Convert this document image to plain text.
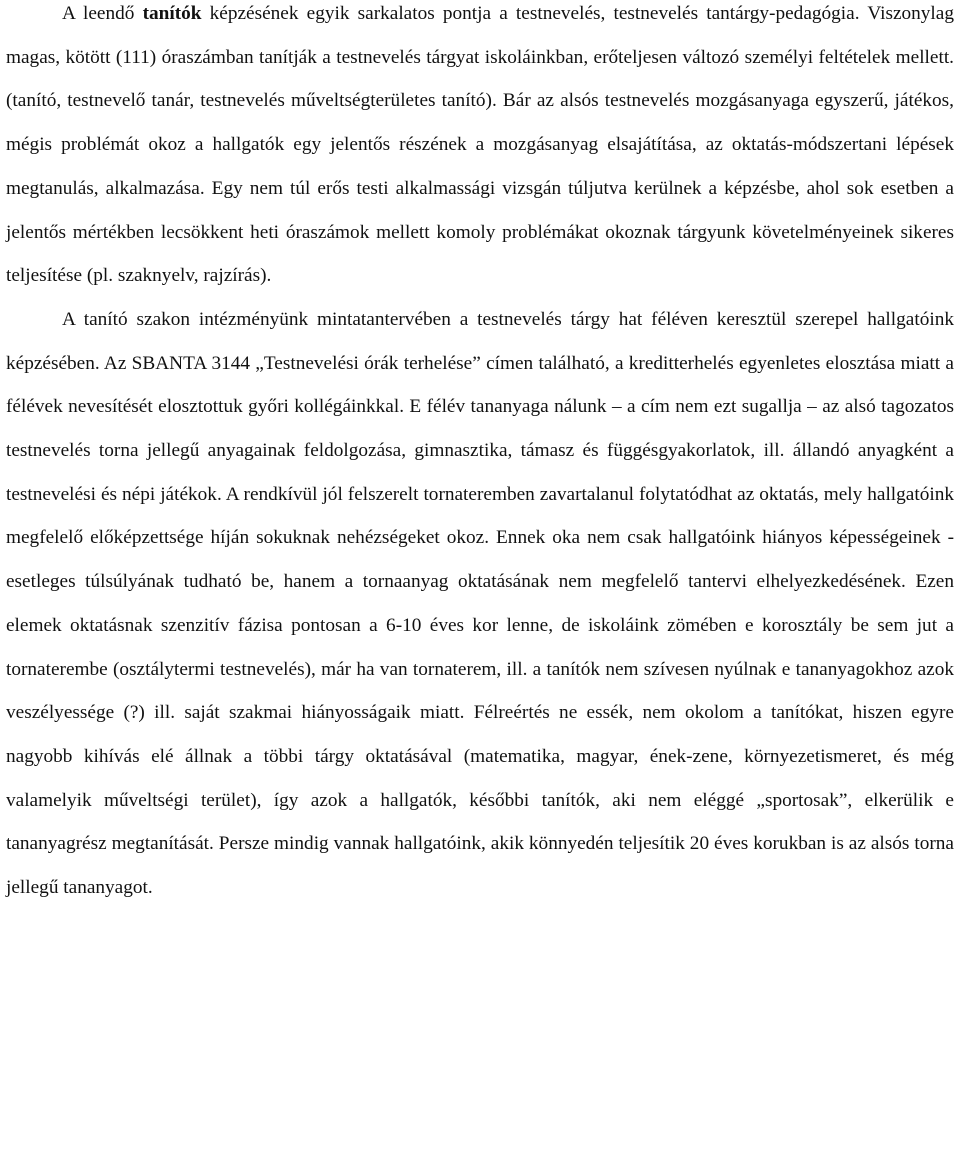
A leendő tanítók képzésének egyik sarkalatos pontja a testnevelés, testnevelés tantárgy-pedagógia. Viszonylag magas, kötött (111) óraszámban tanítják a testnevelés tárgyat iskoláinkban, erőteljesen változó személyi feltételek mellett. (tanító, testnevelő tanár, testnevelés műveltségterületes tanító). Bár az alsós testnevelés mozgásanyaga egyszerű, játékos, mégis problémát okoz a hallgatók egy jelentős részének a mozgásanyag elsajátítása, az oktatás-módszertani lépések megtanulás, alkalmazása. Egy nem túl erős testi alkalmassági vizsgán túljutva kerülnek a képzésbe, ahol sok esetben a jelentős mértékben lecsökkent heti óraszámok mellett komoly problémákat okoznak tárgyunk követelményeinek sikeres teljesítése (pl. szaknyelv, rajzírás).

A tanító szakon intézményünk mintatantervében a testnevelés tárgy hat féléven keresztül szerepel hallgatóink képzésében. Az SBANTA 3144 „Testnevelési órák terhelése” címen található, a kreditterhelés egyenletes elosztása miatt a félévek nevesítését elosztottuk győri kollégáinkkal. E félév tananyaga nálunk – a cím nem ezt sugallja – az alsó tagozatos testnevelés torna jellegű anyagainak feldolgozása, gimnasztika, támasz és függésgyakorlatok, ill. állandó anyagként a testnevelési és népi játékok. A rendkívül jól felszerelt tornateremben zavartalanul folytatódhat az oktatás, mely hallgatóink megfelelő előképzettsége híján sokuknak nehézségeket okoz. Ennek oka nem csak hallgatóink hiányos képességeinek - esetleges túlsúlyának tudható be, hanem a tornaanyag oktatásának nem megfelelő tantervi elhelyezkedésének. Ezen elemek oktatásnak szenzitív fázisa pontosan a 6-10 éves kor lenne, de iskoláink zömében e korosztály be sem jut a tornaterembe (osztálytermi testnevelés), már ha van tornaterem, ill. a tanítók nem szívesen nyúlnak e tananyagokhoz azok veszélyessége (?) ill. saját szakmai hiányosságaik miatt. Félreértés ne essék, nem okolom a tanítókat, hiszen egyre nagyobb kihívás elé állnak a többi tárgy oktatásával (matematika, magyar, ének-zene, környezetismeret, és még valamelyik műveltségi terület), így azok a hallgatók, későbbi tanítók, aki nem eléggé „sportosak”, elkerülik e tananyagrész megtanítását. Persze mindig vannak hallgatóink, akik könnyedén teljesítik 20 éves korukban is az alsós torna jellegű tananyagot.
